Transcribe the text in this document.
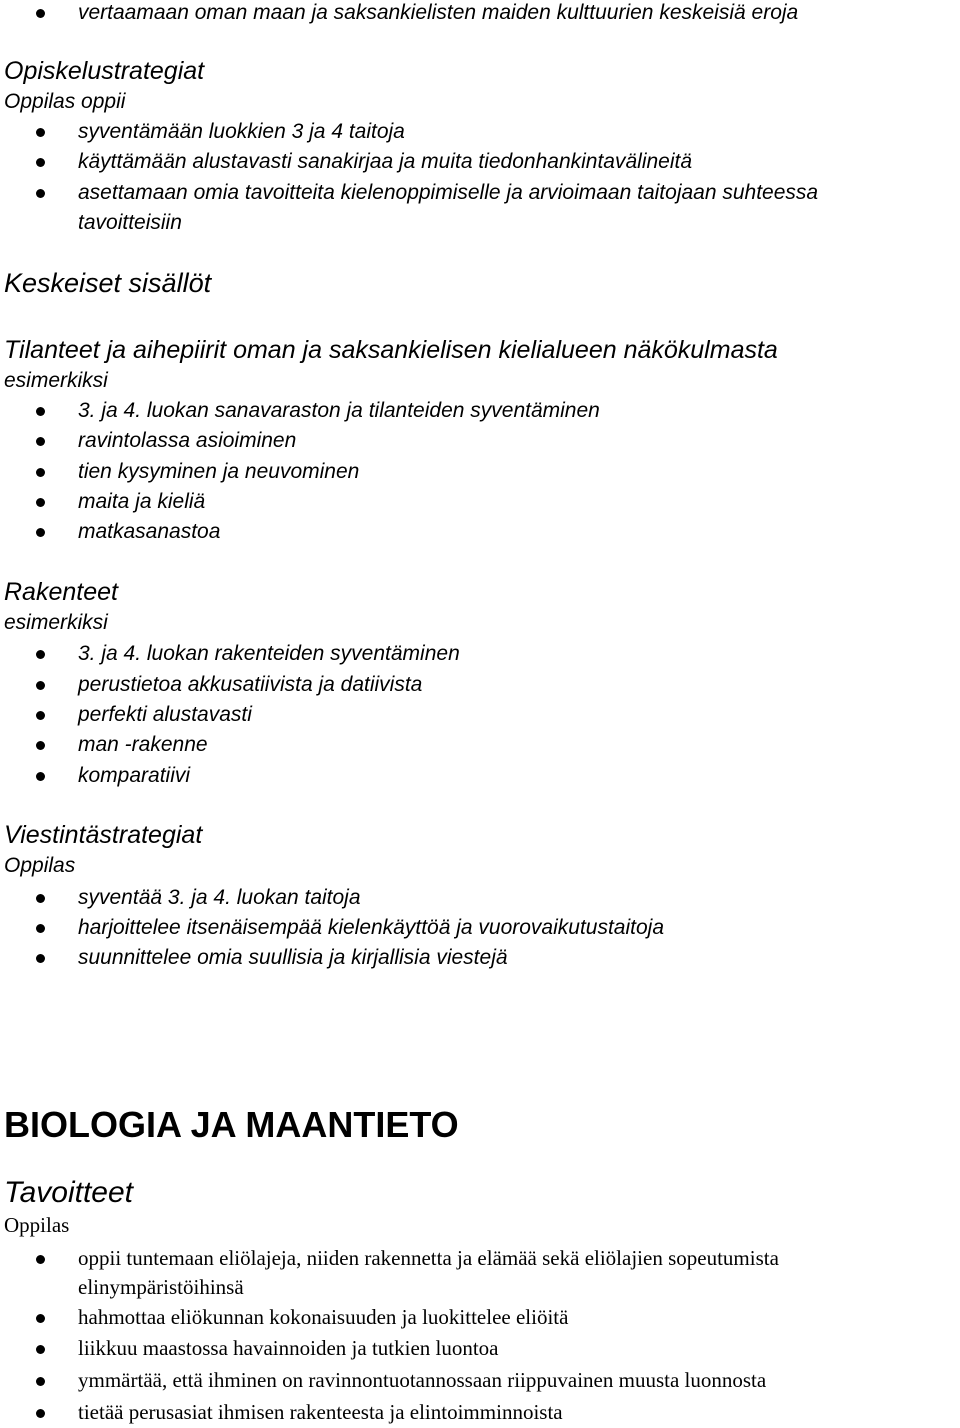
vertaamaan oman maan ja saksankielisten maiden kulttuurien keskeisiä eroja
Opiskelustrategiat
Oppilas oppii
syventämään luokkien 3 ja 4 taitoja
käyttämään alustavasti sanakirjaa ja muita tiedonhankintavälineitä
asettamaan omia tavoitteita kielenoppimiselle ja arvioimaan taitojaan suhteessa
tavoitteisiin
Keskeiset sisällöt
Tilanteet ja aihepiirit oman ja saksankielisen kielialueen näkökulmasta
esimerkiksi
3. ja 4. luokan sanavaraston ja tilanteiden syventäminen
ravintolassa asioiminen
tien kysyminen ja neuvominen
maita ja kieliä
matkasanastoa
Rakenteet
esimerkiksi
3. ja 4. luokan rakenteiden syventäminen
perustietoa akkusatiivista ja datiivista
perfekti alustavasti
man -rakenne
komparatiivi
Viestintästrategiat
Oppilas
syventää 3. ja 4. luokan taitoja
harjoittelee itsenäisempää kielenkäyttöä ja vuorovaikutustaitoja
suunnittelee omia suullisia ja kirjallisia viestejä
BIOLOGIA JA MAANTIETO
Tavoitteet
Oppilas
oppii tuntemaan eliölajeja, niiden rakennetta ja elämää sekä eliölajien sopeutumista
elinympäristöihinsä
hahmottaa eliökunnan kokonaisuuden ja luokittelee eliöitä
liikkuu maastossa havainnoiden ja tutkien luontoa
ymmärtää, että ihminen on ravinnontuotannossaan riippuvainen muusta luonnosta
tietää perusasiat ihmisen rakenteesta ja elintoimminnoista
